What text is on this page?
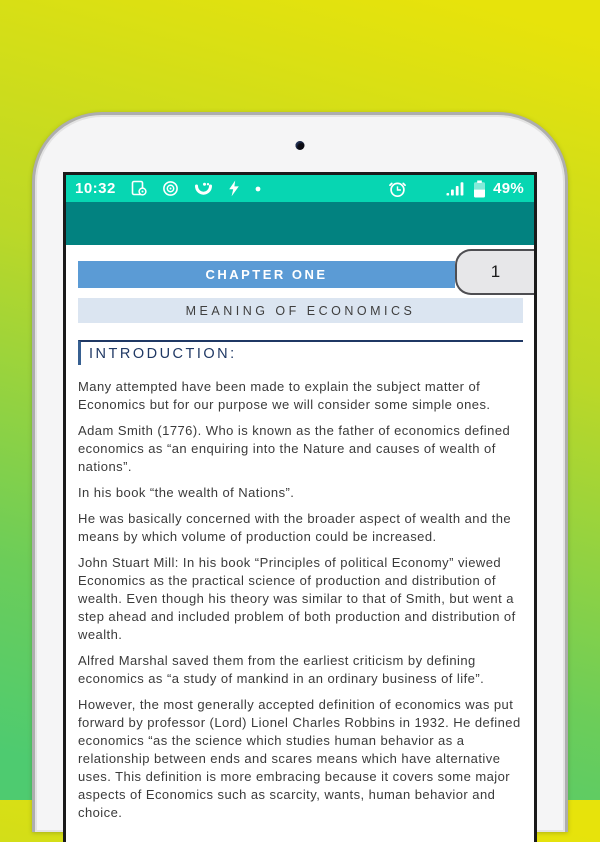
10:32	49%
CHAPTER ONE	1
MEANING OF ECONOMICS
INTRODUCTION:

Many attempted have been made to explain the subject matter of Economics but for our purpose we will consider some simple ones.

Adam Smith (1776). Who is known as the father of economics defined economics as “an enquiring into the Nature and causes of wealth of nations”.

In his book “the wealth of Nations”.

He was basically concerned with the broader aspect of wealth and the means by which volume of production could be increased.

John Stuart Mill: In his book “Principles of political Economy” viewed Economics as the practical science of production and distribution of wealth. Even though his theory was similar to that of Smith, but went a step ahead and included problem of both production and distribution of wealth.

Alfred Marshal saved them from the earliest criticism by defining economics as “a study of mankind in an ordinary business of life”.

However, the most generally accepted definition of economics was put forward by professor (Lord) Lionel Charles Robbins in 1932. He defined economics “as the science which studies human behavior as a relationship between ends and scares means which have alternative uses. This definition is more embracing because it covers some major aspects of Economics such as scarcity, wants, human behavior and choice.
